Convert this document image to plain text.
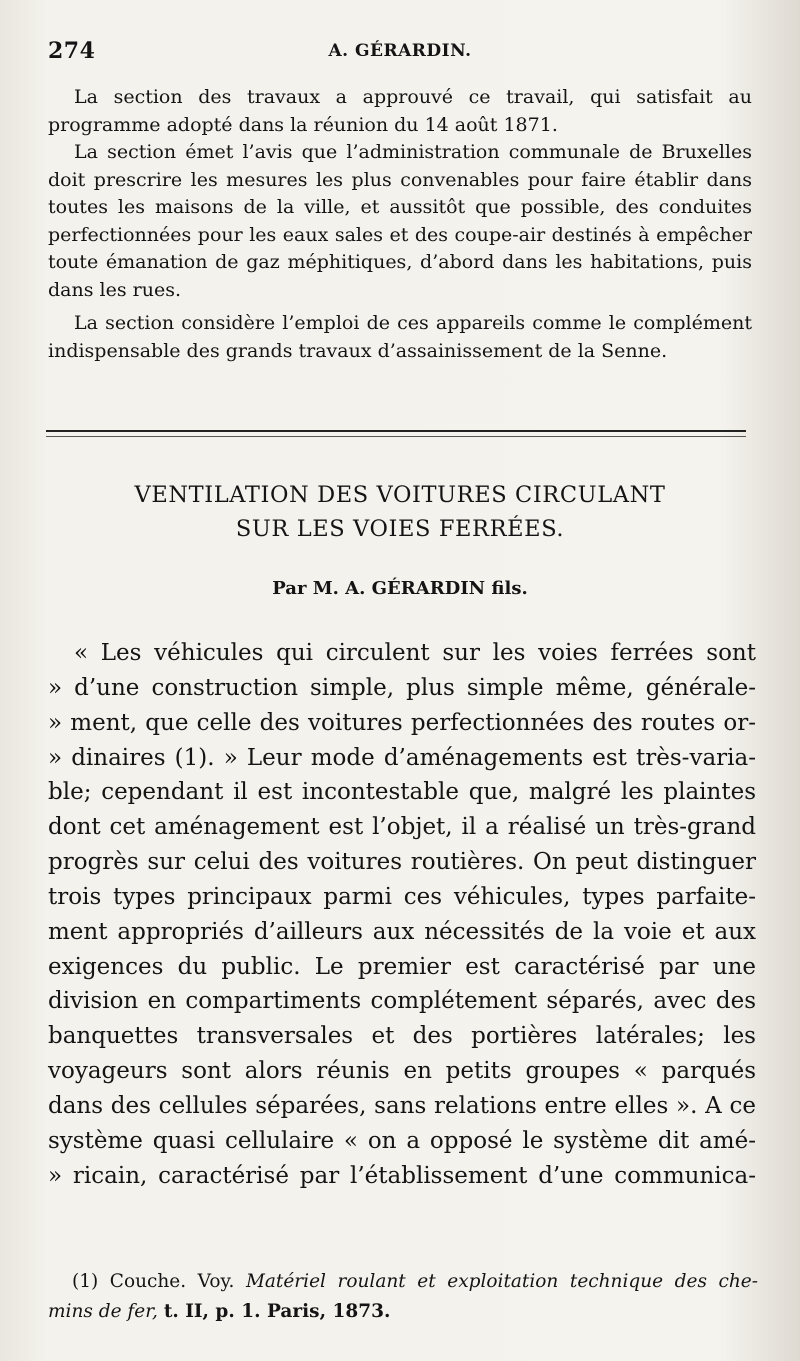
274	A. GÉRARDIN.

La section des travaux a approuvé ce travail, qui satisfait au programme adopté dans la réunion du 14 août 1871.

La section émet l’avis que l’administration communale de Bruxelles doit prescrire les mesures les plus convenables pour faire établir dans toutes les maisons de la ville, et aussitôt que possible, des conduites perfectionnées pour les eaux sales et des coupe-air destinés à empêcher toute émanation de gaz méphitiques, d’abord dans les habitations, puis dans les rues.

La section considère l’emploi de ces appareils comme le complément indispensable des grands travaux d’assainissement de la Senne.

VENTILATION DES VOITURES CIRCULANT
SUR LES VOIES FERRÉES.

Par M. A. GÉRARDIN fils.

« Les véhicules qui circulent sur les voies ferrées sont
» d’une construction simple, plus simple même, générale-
» ment, que celle des voitures perfectionnées des routes or-
» dinaires (1). » Leur mode d’aménagements est très-varia-
ble; cependant il est incontestable que, malgré les plaintes
dont cet aménagement est l’objet, il a réalisé un très-grand
progrès sur celui des voitures routières. On peut distinguer
trois types principaux parmi ces véhicules, types parfaite-
ment appropriés d’ailleurs aux nécessités de la voie et aux
exigences du public. Le premier est caractérisé par une
division en compartiments complétement séparés, avec des
banquettes transversales et des portières latérales; les
voyageurs sont alors réunis en petits groupes « parqués
dans des cellules séparées, sans relations entre elles ». A ce
système quasi cellulaire « on a opposé le système dit amé-
» ricain, caractérisé par l’établissement d’une communica-
(1) Couche. Voy. Matériel roulant et exploitation technique des che-
mins de fer, t. II, p. 1. Paris, 1873.
